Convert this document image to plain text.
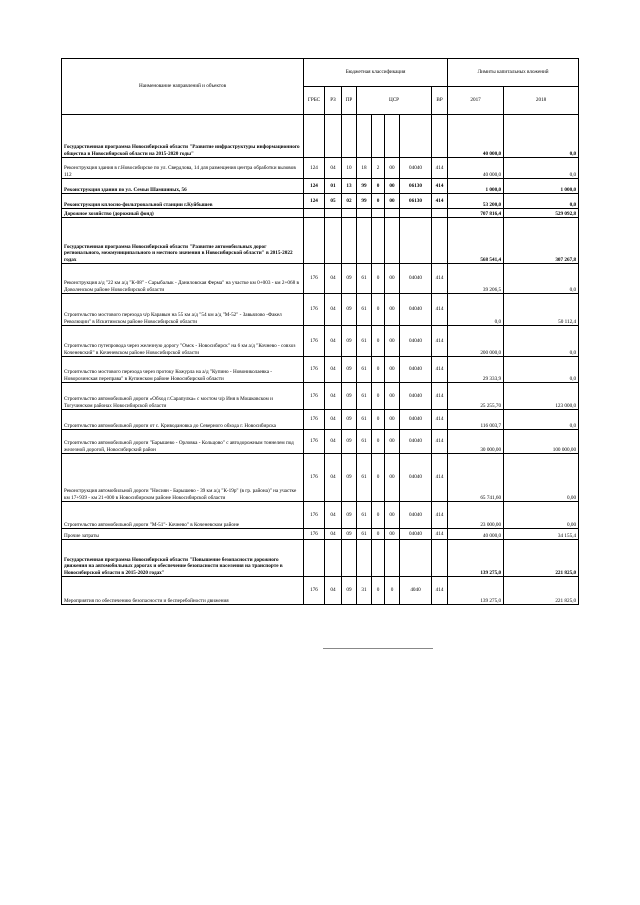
Наименование направлений и объектов	Бюджетная классификация								Лимиты капитальных вложений	
	ГРБС	РЗ	ПР	ЦСР				ВР	2017	2018
Государственная программа Новосибирской области "Развитие инфраструктуры информационного общества в Новосибирской области на 2015-2020 годы"									40 000,0	0,0
Реконструкция здания в г.Новосибирске по ул. Свердлова, 14 для размещения центра обработки вызовов 112	124	04	10	18	2	00	04040	414	40 000,0	0,0
Реконструкция здания по ул. Семьи Шамшиных, 56	124	01	13	99	0	00	06130	414	1 000,0	1 000,0
Реконструкция кплосно-фильтровальной станции г.Куйбышев	124	05	02	99	0	00	06130	414	53 200,0	0,0
Дорожное хозяйство (дорожный фонд)									707 816,4	529 092,8
Государственная программа Новосибирской области "Развитие автомобильных дорог регионального, межмуниципального и местного значения в Новосибирской области" в 2015-2022 годах									568 541,4	307 267,8
Реконструкция а/д "22 км а/д "К-08" - Сарыбалык - Даниловская Ферма" на участке км 0+003 - км 2+068 в Доволенском районе Новосибирской области	176	04	09	61	0	00	04040	414	39 206,5	0,0
Строительство мостового перехода ч/р Каравын на 55 км а/д "54 км а/д "М-52" - Завьялово -Факел Революции" в Искитимском районе Новосибирской области	176	04	09	61	0	00	04040	414	0,0	50 112,4
Строительство путепровода через железную дорогу "Омск - Новосибирск" на 6 км а/д "Кочнево - совхоз Коченевский" в Коченевском районе Новосибирской области	176	04	09	61	0	00	04040	414	200 000,0	0,0
Строительство мостового перехода через протоку Кожурла на а/д "Купино - Новониколаевка - Новорозинская переправа" в Купинском районе Новосибирской области	176	04	09	61	0	00	04040	414	29 333,9	0,0
Строительство автомобильной дороги «Обход г.Сарапулка» с мостом ч/р Иня в Мошковском и Тогучинском районах Новосибирской области	176	04	09	61	0	00	04040	414	25 255,70	123 000,0
Строительство автомобильной дороги от с. Криводановка до Северного обхода г. Новосибирска	176	04	09	61	0	00	04040	414	116 003,7	0,0
Строительство автомобильной дороги "Барышево - Орловка - Кольцово" с автодорожным тоннелем под железной дорогой, Новосибирский район	176	04	09	61	0	00	04040	414	30 000,00	100 000,00
Реконструкция автомобильной дороги "Нисиян - Барышево - 39 км а/д "К-19р" (в гр. района)" на участке км 17+939 - км 21+000 в Новосибирском районе Новосибирской области	176	04	09	61	0	00	04040	414	65 741,60	0,00
Строительство автомобильной дороги "М-51"- Кочнево" в Коченевском районе	176	04	09	61	0	00	04040	414	23 000,00	0,00
Прочие затраты	176	04	09	61	0	00	04040	414	40 000,0	34 155,4
Государственная программа Новосибирской области "Повышение безопасности дорожного движения на автомобильных дорогах и обеспечение безопасности населения на транспорте в Новосибирской области в 2015-2020 годах"									139 275,0	221 825,0
Мероприятия по обеспечению безопасности и бесперебойности движения	176	04	09	31	0	0	4040	414	139 275,0	221 825,0
